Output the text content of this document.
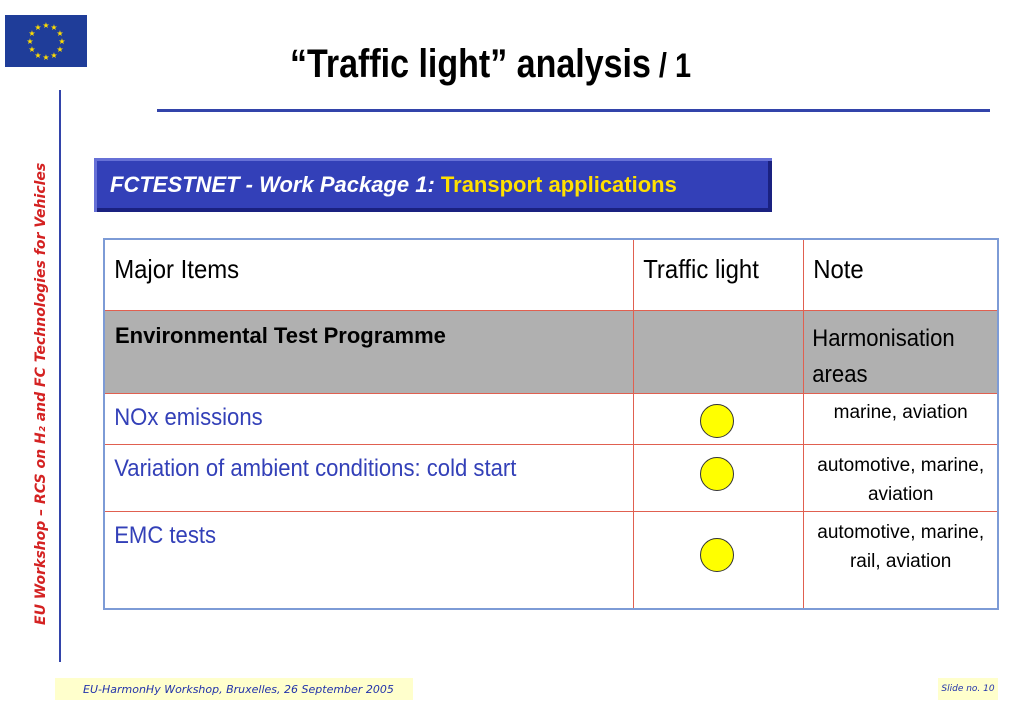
★ ★
★
★
★
★
★
★
★
★
★
★
“Traffic light” analysis / 1
EU Workshop – RCS on H₂ and FC Technologies for Vehicles	FCTESTNET - Work Package 1: Transport applications
Major Items	Traffic light	Note

Environmental Test Programme		Harmonisation areas

NOx emissions		marine, aviation

Variation of ambient conditions: cold start		automotive, marine, aviation

EMC tests		automotive, marine, rail, aviation
EU-HarmonHy Workshop, Bruxelles, 26 September 2005	Slide no. 10
